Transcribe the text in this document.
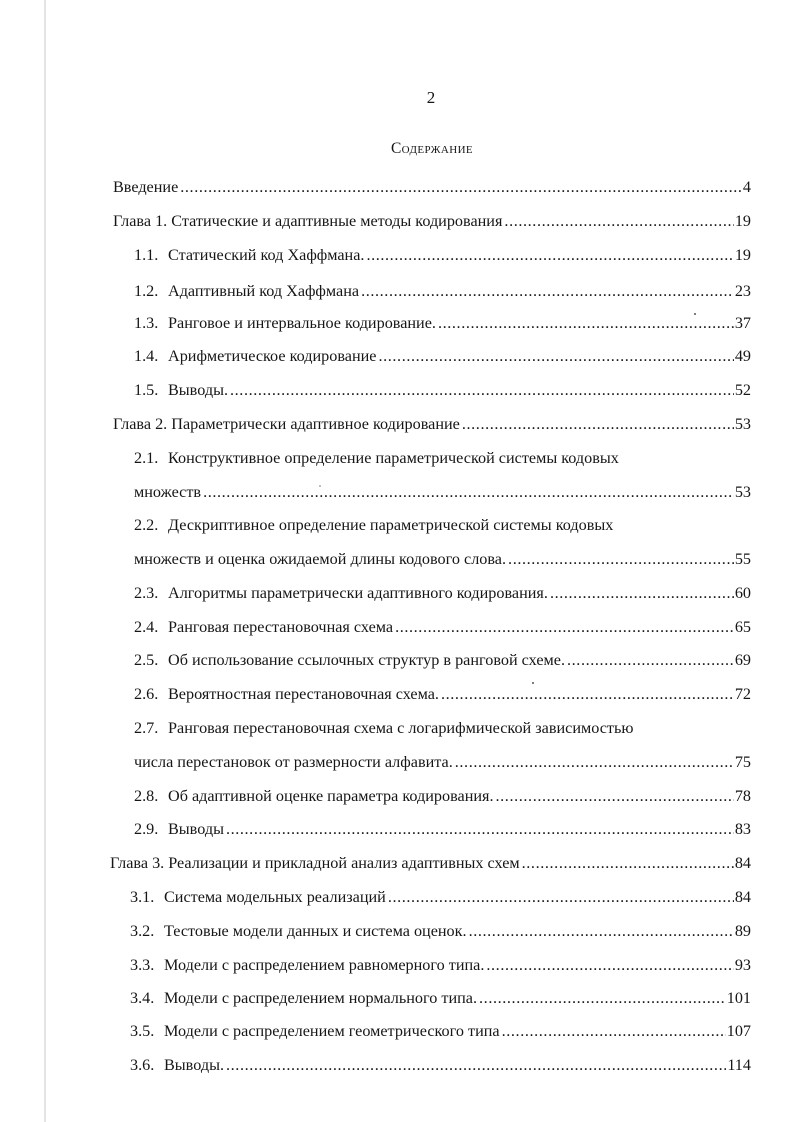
2
Содержание
Введение .....	4
Глава 1. Статические и адаптивные методы кодирования .....	19
1.1. Статический код Хаффмана. .....	19
1.2. Адаптивный код Хаффмана .....	23
1.3. Ранговое и интервальное кодирование. .....	37
1.4. Арифметическое кодирование .....	49
1.5. Выводы. .....	52
Глава 2. Параметрически адаптивное кодирование .....	53
2.1. Конструктивное определение параметрической системы кодовых
множеств .....	53
2.2. Дескриптивное определение параметрической системы кодовых
множеств и оценка ожидаемой длины кодового слова. .....	55
2.3. Алгоритмы параметрически адаптивного кодирования. .....	60
2.4. Ранговая перестановочная схема .....	65
2.5. Об использование ссылочных структур в ранговой схеме. .....	69
2.6. Вероятностная перестановочная схема. .....	72
2.7. Ранговая перестановочная схема с логарифмической зависимостью
числа перестановок от размерности алфавита. .....	75
2.8. Об адаптивной оценке параметра кодирования. .....	78
2.9. Выводы .....	83
Глава 3. Реализации и прикладной анализ адаптивных схем .....	84
3.1. Система модельных реализаций .....	84
3.2. Тестовые модели данных и система оценок. .....	89
3.3. Модели с распределением равномерного типа. .....	93
3.4. Модели с распределением нормального типа. .....	101
3.5. Модели с распределением геометрического типа .....	107
3.6. Выводы. .....	114
